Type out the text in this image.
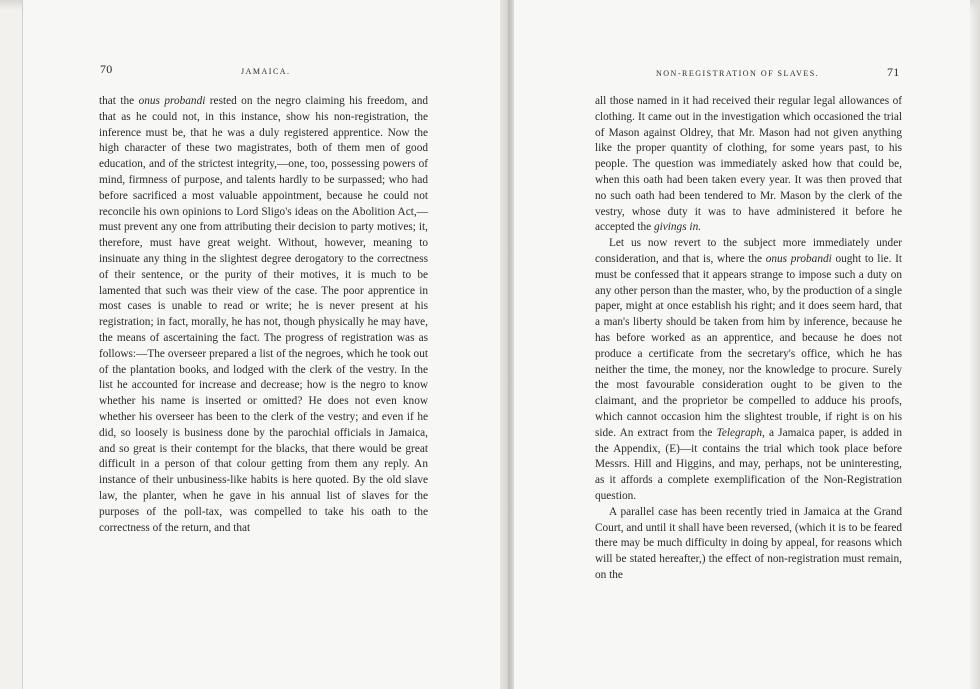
70	JAMAICA.

that the onus probandi rested on the negro claiming his freedom, and that as he could not, in this instance, show his non-registration, the inference must be, that he was a duly registered apprentice. Now the high character of these two magistrates, both of them men of good education, and of the strictest integrity,—one, too, possessing powers of mind, firmness of purpose, and talents hardly to be surpassed; who had before sacrificed a most valuable appointment, because he could not reconcile his own opinions to Lord Sligo's ideas on the Abolition Act,—must prevent any one from attributing their decision to party motives; it, therefore, must have great weight. Without, however, meaning to insinuate any thing in the slightest degree derogatory to the correctness of their sentence, or the purity of their motives, it is much to be lamented that such was their view of the case. The poor apprentice in most cases is unable to read or write; he is never present at his registration; in fact, morally, he has not, though physically he may have, the means of ascertaining the fact. The progress of registration was as follows:—The overseer prepared a list of the negroes, which he took out of the plantation books, and lodged with the clerk of the vestry. In the list he accounted for increase and decrease; how is the negro to know whether his name is inserted or omitted? He does not even know whether his overseer has been to the clerk of the vestry; and even if he did, so loosely is business done by the parochial officials in Jamaica, and so great is their contempt for the blacks, that there would be great difficult in a person of that colour getting from them any reply. An instance of their unbusiness-like habits is here quoted. By the old slave law, the planter, when he gave in his annual list of slaves for the purposes of the poll-tax, was compelled to take his oath to the correctness of the return, and that

NON-REGISTRATION OF SLAVES.	71

all those named in it had received their regular legal allowances of clothing. It came out in the investigation which occasioned the trial of Mason against Oldrey, that Mr. Mason had not given anything like the proper quantity of clothing, for some years past, to his people. The question was immediately asked how that could be, when this oath had been taken every year. It was then proved that no such oath had been tendered to Mr. Mason by the clerk of the vestry, whose duty it was to have administered it before he accepted the givings in.

Let us now revert to the subject more immediately under consideration, and that is, where the onus probandi ought to lie. It must be confessed that it appears strange to impose such a duty on any other person than the master, who, by the production of a single paper, might at once establish his right; and it does seem hard, that a man's liberty should be taken from him by inference, because he has before worked as an apprentice, and because he does not produce a certificate from the secretary's office, which he has neither the time, the money, nor the knowledge to procure. Surely the most favourable consideration ought to be given to the claimant, and the proprietor be compelled to adduce his proofs, which cannot occasion him the slightest trouble, if right is on his side. An extract from the Telegraph, a Jamaica paper, is added in the Appendix, (E)—it contains the trial which took place before Messrs. Hill and Higgins, and may, perhaps, not be uninteresting, as it affords a complete exemplification of the Non-Registration question.

A parallel case has been recently tried in Jamaica at the Grand Court, and until it shall have been reversed, (which it is to be feared there may be much difficulty in doing by appeal, for reasons which will be stated hereafter,) the effect of non-registration must remain, on the
